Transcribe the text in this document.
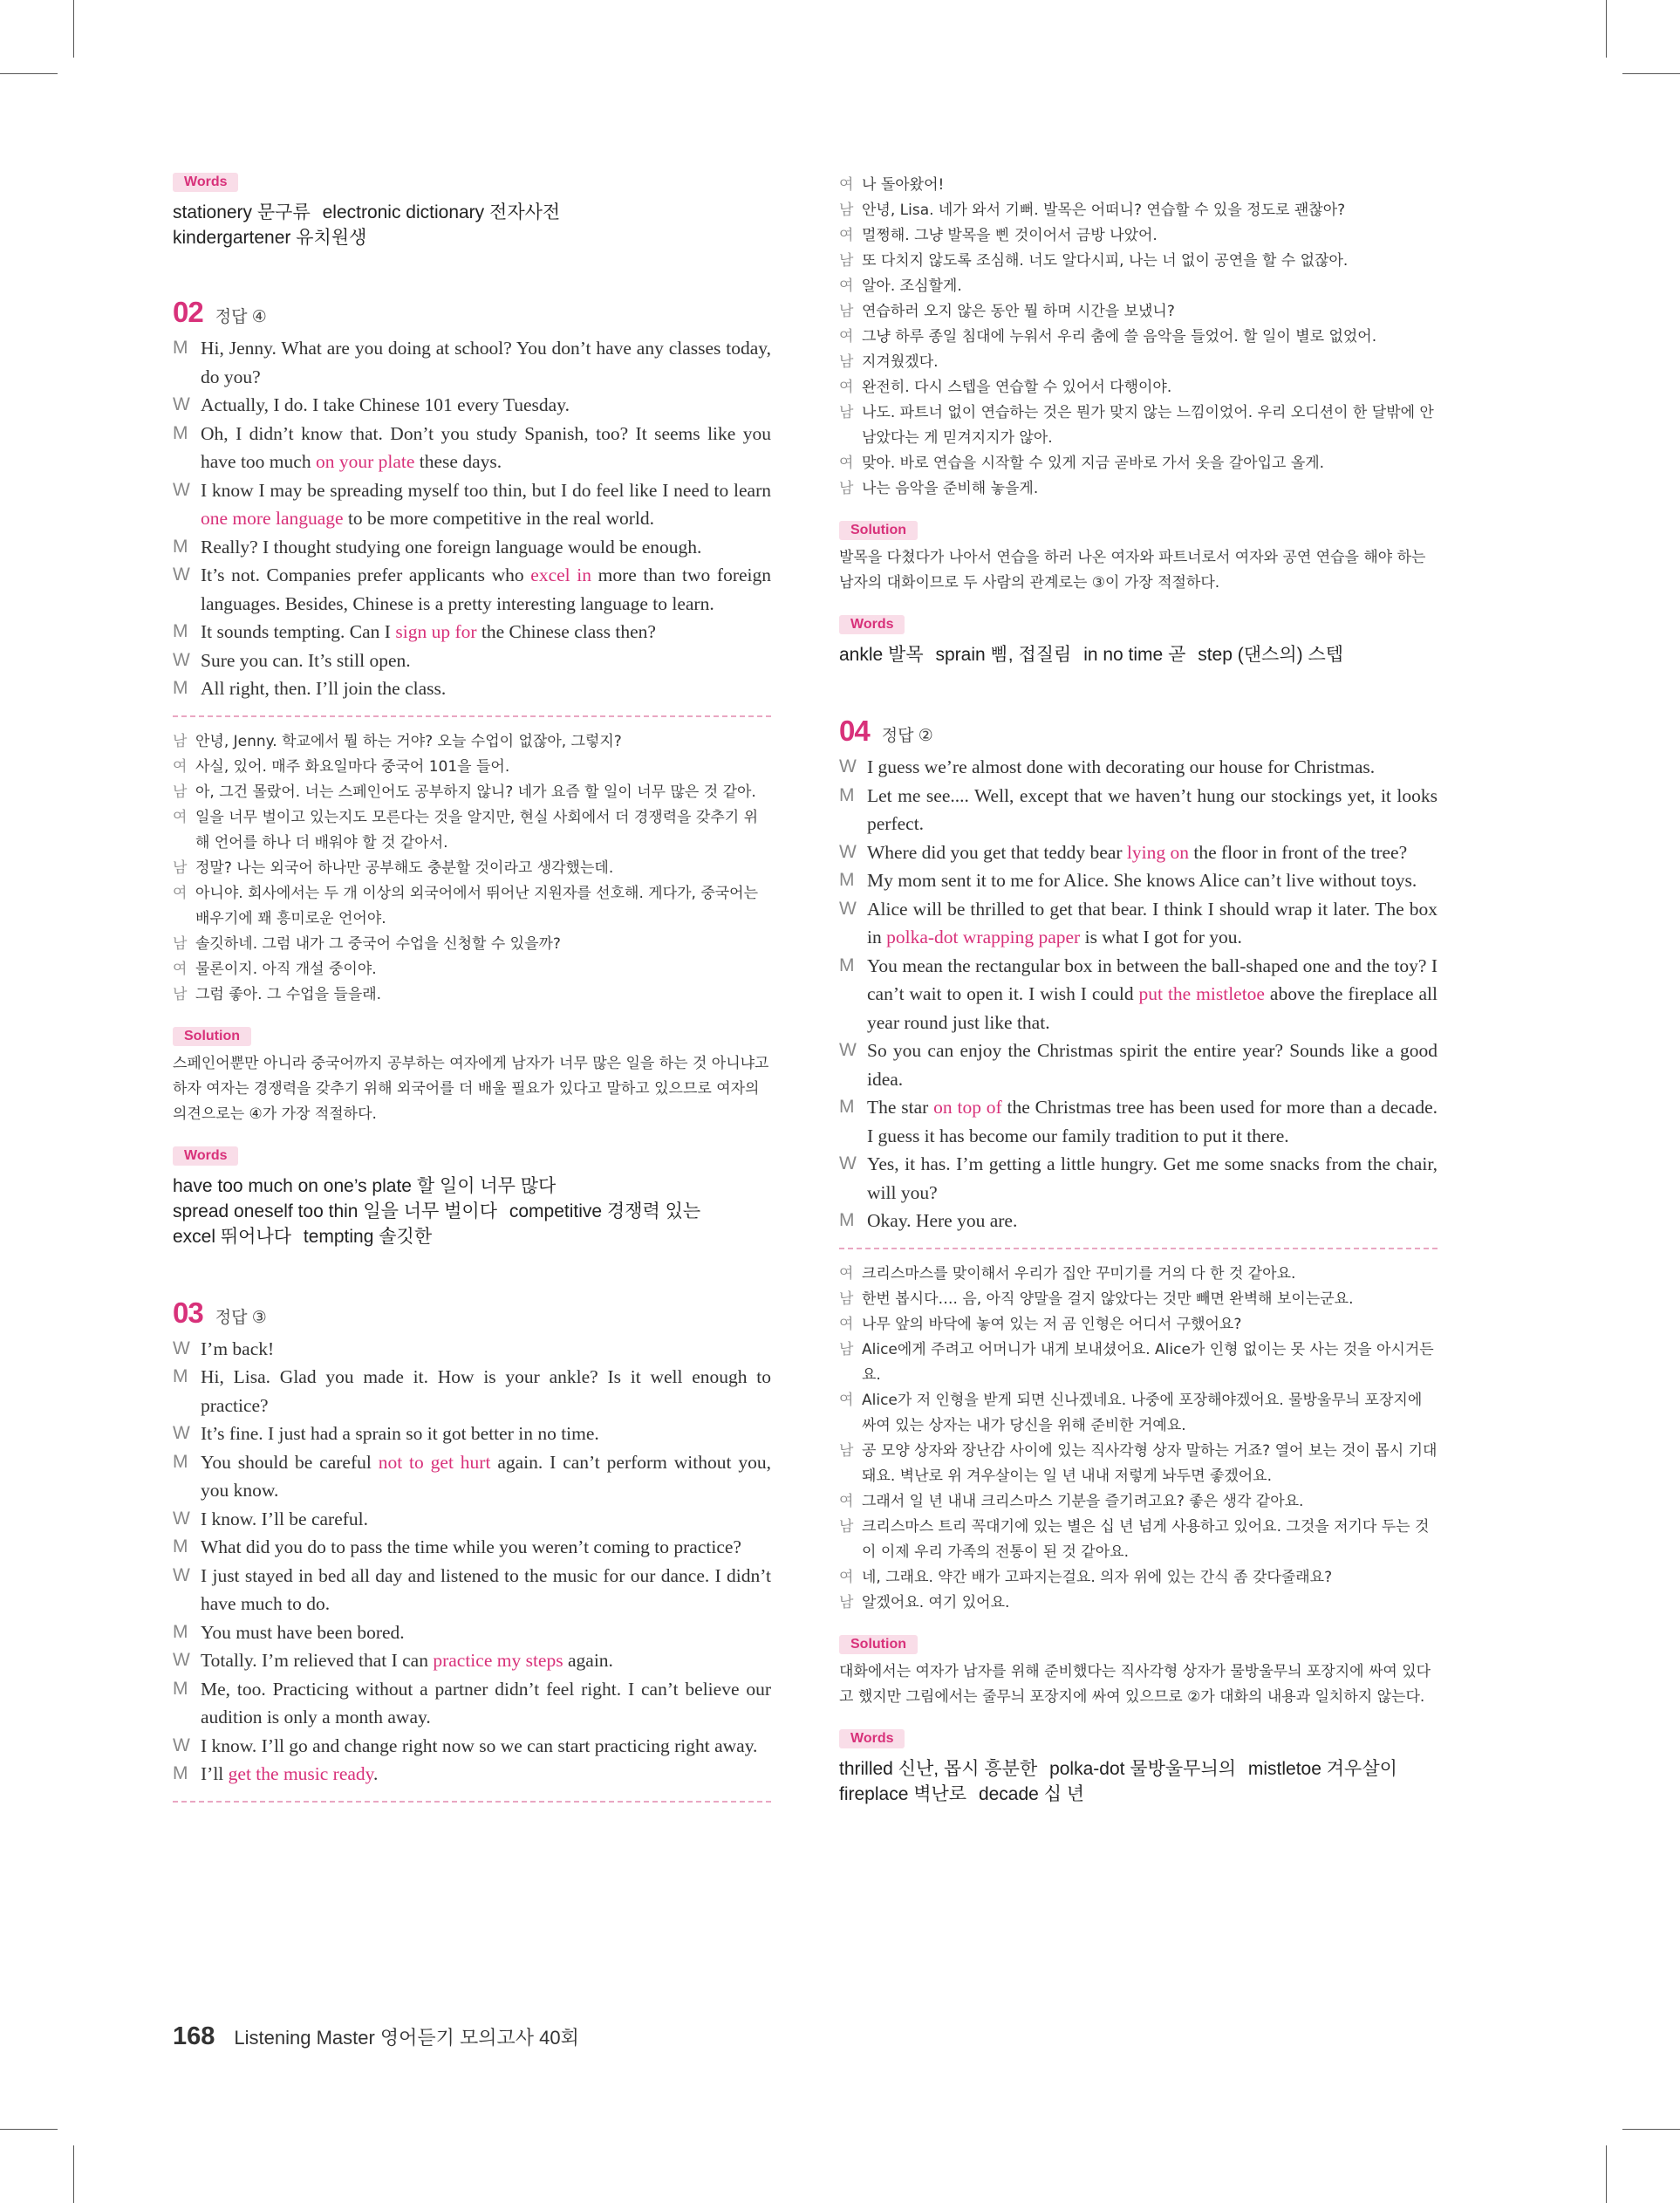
Words
stationery 문구류 electronic dictionary 전자사전
kindergartener 유치원생
02 정답 ④
M Hi, Jenny. What are you doing at school? You don’t have any classes today, do you?
W Actually, I do. I take Chinese 101 every Tuesday.
M Oh, I didn’t know that. Don’t you study Spanish, too? It seems like you have too much on your plate these days.
W I know I may be spreading myself too thin, but I do feel like I need to learn one more language to be more competitive in the real world.
M Really? I thought studying one foreign language would be enough.
W It’s not. Companies prefer applicants who excel in more than two foreign languages. Besides, Chinese is a pretty interesting language to learn.
M It sounds tempting. Can I sign up for the Chinese class then?
W Sure you can. It’s still open.
M All right, then. I’ll join the class.
남 안녕, Jenny. 학교에서 뭘 하는 거야? 오늘 수업이 없잖아, 그렇지?
여 사실, 있어. 매주 화요일마다 중국어 101을 들어.
남 아, 그건 몰랐어. 너는 스페인어도 공부하지 않니? 네가 요즘 할 일이 너무 많은 것 같아.
여 일을 너무 벌이고 있는지도 모른다는 것을 알지만, 현실 사회에서 더 경쟁력을 갖추기 위해 언어를 하나 더 배워야 할 것 같아서.
남 정말? 나는 외국어 하나만 공부해도 충분할 것이라고 생각했는데.
여 아니야. 회사에서는 두 개 이상의 외국어에서 뛰어난 지원자를 선호해. 게다가, 중국어는 배우기에 꽤 흥미로운 언어야.
남 솔깃하네. 그럼 내가 그 중국어 수업을 신청할 수 있을까?
여 물론이지. 아직 개설 중이야.
남 그럼 좋아. 그 수업을 들을래.
Solution
스페인어뿐만 아니라 중국어까지 공부하는 여자에게 남자가 너무 많은 일을 하는 것 아니냐고 하자 여자는 경쟁력을 갖추기 위해 외국어를 더 배울 필요가 있다고 말하고 있으므로 여자의 의견으로는 ④가 가장 적절하다.
Words
have too much on one’s plate 할 일이 너무 많다
spread oneself too thin 일을 너무 벌이다 competitive 경쟁력 있는
excel 뛰어나다 tempting 솔깃한
03 정답 ③
W I’m back!
M Hi, Lisa. Glad you made it. How is your ankle? Is it well enough to practice?
W It’s fine. I just had a sprain so it got better in no time.
M You should be careful not to get hurt again. I can’t perform without you, you know.
W I know. I’ll be careful.
M What did you do to pass the time while you weren’t coming to practice?
W I just stayed in bed all day and listened to the music for our dance. I didn’t have much to do.
M You must have been bored.
W Totally. I’m relieved that I can practice my steps again.
M Me, too. Practicing without a partner didn’t feel right. I can’t believe our audition is only a month away.
W I know. I’ll go and change right now so we can start practicing right away.
M I’ll get the music ready.
여 나 돌아왔어!
남 안녕, Lisa. 네가 와서 기뻐. 발목은 어떠니? 연습할 수 있을 정도로 괜찮아?
여 멀쩡해. 그냥 발목을 삔 것이어서 금방 나았어.
남 또 다치지 않도록 조심해. 너도 알다시피, 나는 너 없이 공연을 할 수 없잖아.
여 알아. 조심할게.
남 연습하러 오지 않은 동안 뭘 하며 시간을 보냈니?
여 그냥 하루 종일 침대에 누워서 우리 춤에 쓸 음악을 들었어. 할 일이 별로 없었어.
남 지겨웠겠다.
여 완전히. 다시 스텝을 연습할 수 있어서 다행이야.
남 나도. 파트너 없이 연습하는 것은 뭔가 맞지 않는 느낌이었어. 우리 오디션이 한 달밖에 안 남았다는 게 믿겨지지가 않아.
여 맞아. 바로 연습을 시작할 수 있게 지금 곧바로 가서 옷을 갈아입고 올게.
남 나는 음악을 준비해 놓을게.
Solution
발목을 다쳤다가 나아서 연습을 하러 나온 여자와 파트너로서 여자와 공연 연습을 해야 하는 남자의 대화이므로 두 사람의 관계로는 ③이 가장 적절하다.
Words
ankle 발목 sprain 삠, 접질림 in no time 곧 step (댄스의) 스텝
04 정답 ②
W I guess we’re almost done with decorating our house for Christmas.
M Let me see.... Well, except that we haven’t hung our stockings yet, it looks perfect.
W Where did you get that teddy bear lying on the floor in front of the tree?
M My mom sent it to me for Alice. She knows Alice can’t live without toys.
W Alice will be thrilled to get that bear. I think I should wrap it later. The box in polka-dot wrapping paper is what I got for you.
M You mean the rectangular box in between the ball-shaped one and the toy? I can’t wait to open it. I wish I could put the mistletoe above the fireplace all year round just like that.
W So you can enjoy the Christmas spirit the entire year? Sounds like a good idea.
M The star on top of the Christmas tree has been used for more than a decade. I guess it has become our family tradition to put it there.
W Yes, it has. I’m getting a little hungry. Get me some snacks from the chair, will you?
M Okay. Here you are.
여 크리스마스를 맞이해서 우리가 집안 꾸미기를 거의 다 한 것 같아요.
남 한번 봅시다…. 음, 아직 양말을 걸지 않았다는 것만 빼면 완벽해 보이는군요.
여 나무 앞의 바닥에 놓여 있는 저 곰 인형은 어디서 구했어요?
남 Alice에게 주려고 어머니가 내게 보내셨어요. Alice가 인형 없이는 못 사는 것을 아시거든요.
여 Alice가 저 인형을 받게 되면 신나겠네요. 나중에 포장해야겠어요. 물방울무늬 포장지에 싸여 있는 상자는 내가 당신을 위해 준비한 거예요.
남 공 모양 상자와 장난감 사이에 있는 직사각형 상자 말하는 거죠? 열어 보는 것이 몹시 기대돼요. 벽난로 위 겨우살이는 일 년 내내 저렇게 놔두면 좋겠어요.
여 그래서 일 년 내내 크리스마스 기분을 즐기려고요? 좋은 생각 같아요.
남 크리스마스 트리 꼭대기에 있는 별은 십 년 넘게 사용하고 있어요. 그것을 저기다 두는 것이 이제 우리 가족의 전통이 된 것 같아요.
여 네, 그래요. 약간 배가 고파지는걸요. 의자 위에 있는 간식 좀 갖다줄래요?
남 알겠어요. 여기 있어요.
Solution
대화에서는 여자가 남자를 위해 준비했다는 직사각형 상자가 물방울무늬 포장지에 싸여 있다고 했지만 그림에서는 줄무늬 포장지에 싸여 있으므로 ②가 대화의 내용과 일치하지 않는다.
Words
thrilled 신난, 몹시 흥분한 polka-dot 물방울무늬의 mistletoe 겨우살이
fireplace 벽난로 decade 십 년
168 Listening Master 영어듣기 모의고사 40회
